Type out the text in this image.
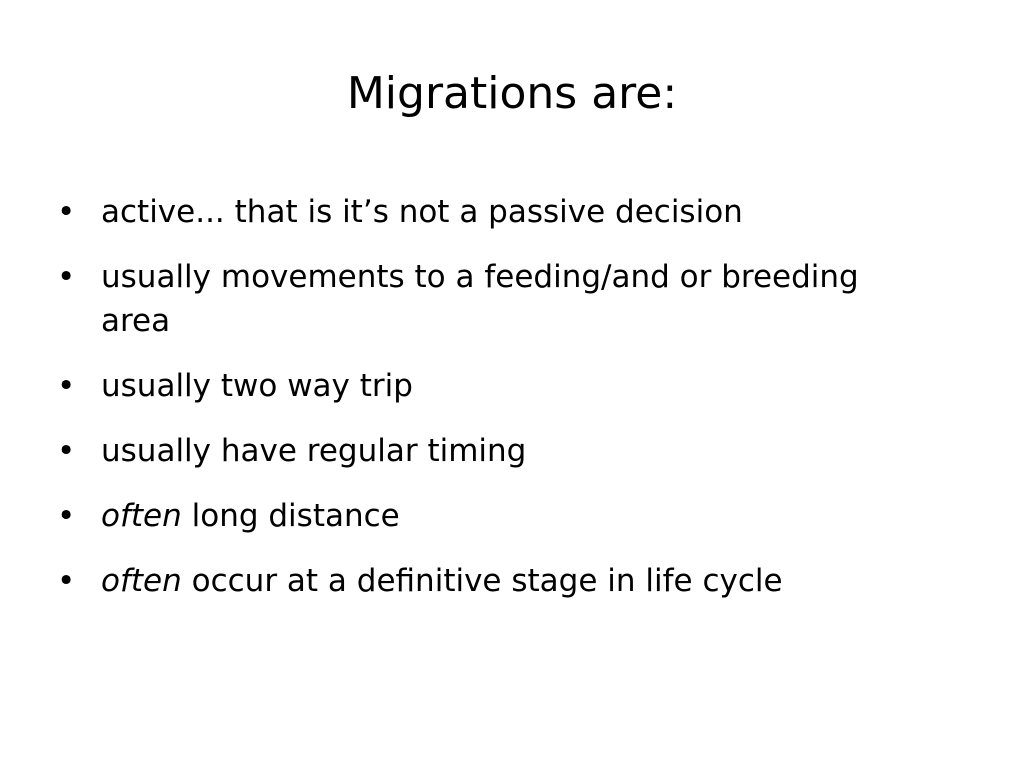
Migrations are:
• active... that is it’s not a passive decision
• usually movements to a feeding/and or breeding area
• usually two way trip
• usually have regular timing
• often long distance
• often occur at a definitive stage in life cycle
